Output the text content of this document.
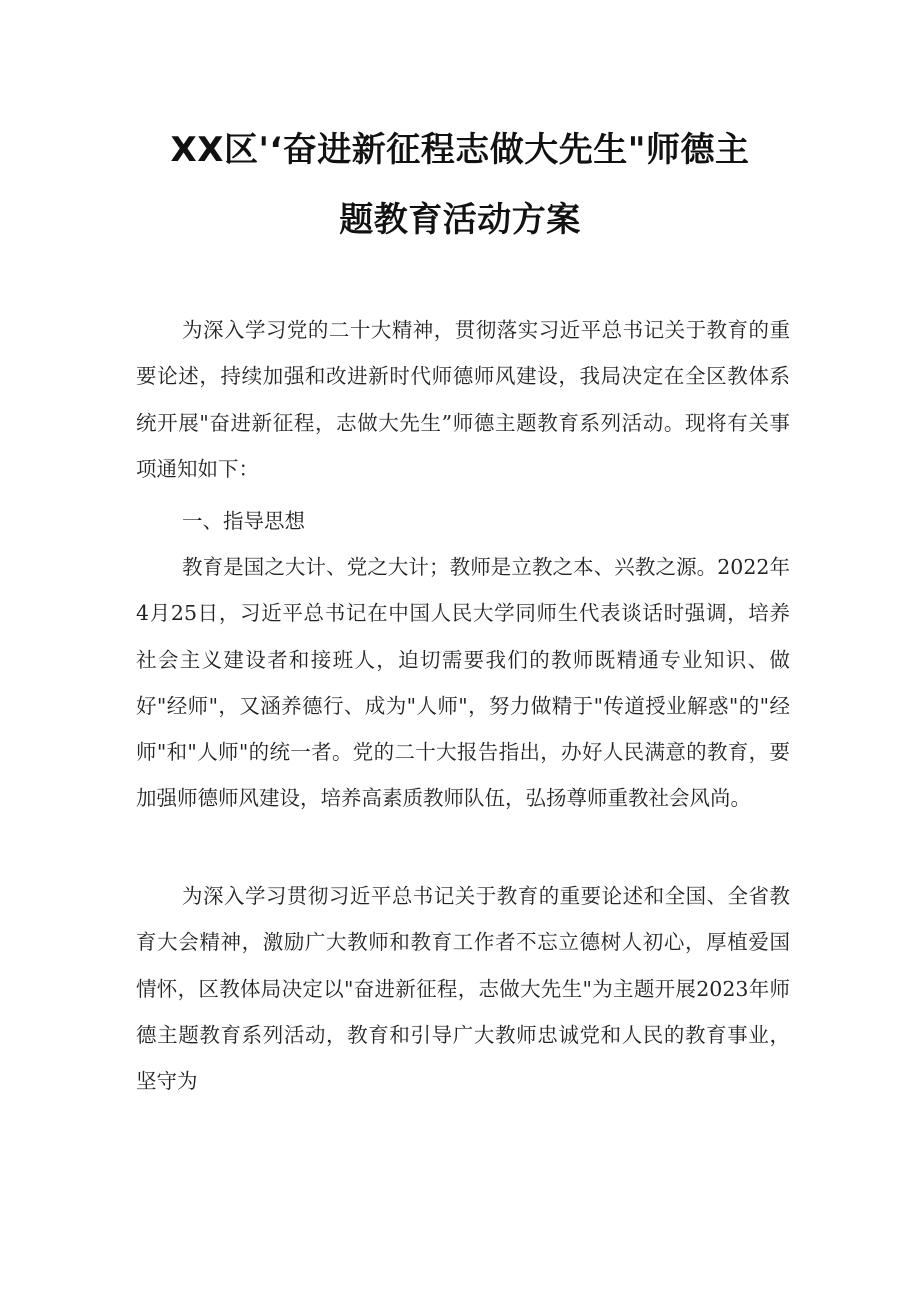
XX区'‘奋进新征程志做大先生"师德主
题教育活动方案

为深入学习党的二十大精神，贯彻落实习近平总书记关于教育的重要论述，持续加强和改进新时代师德师风建设，我局决定在全区教体系统开展"奋进新征程，志做大先生”师德主题教育系列活动。现将有关事项通知如下：

一、指导思想

教育是国之大计、党之大计；教师是立教之本、兴教之源。2022年4月25日，习近平总书记在中国人民大学同师生代表谈话时强调，培养社会主义建设者和接班人，迫切需要我们的教师既精通专业知识、做好"经师"，又涵养德行、成为"人师"，努力做精于"传道授业解惑"的"经师"和"人师"的统一者。党的二十大报告指出，办好人民满意的教育，要加强师德师风建设，培养高素质教师队伍，弘扬尊师重教社会风尚。

为深入学习贯彻习近平总书记关于教育的重要论述和全国、全省教育大会精神，激励广大教师和教育工作者不忘立德树人初心，厚植爱国情怀，区教体局决定以"奋进新征程，志做大先生"为主题开展2023年师德主题教育系列活动，教育和引导广大教师忠诚党和人民的教育事业，坚守为
